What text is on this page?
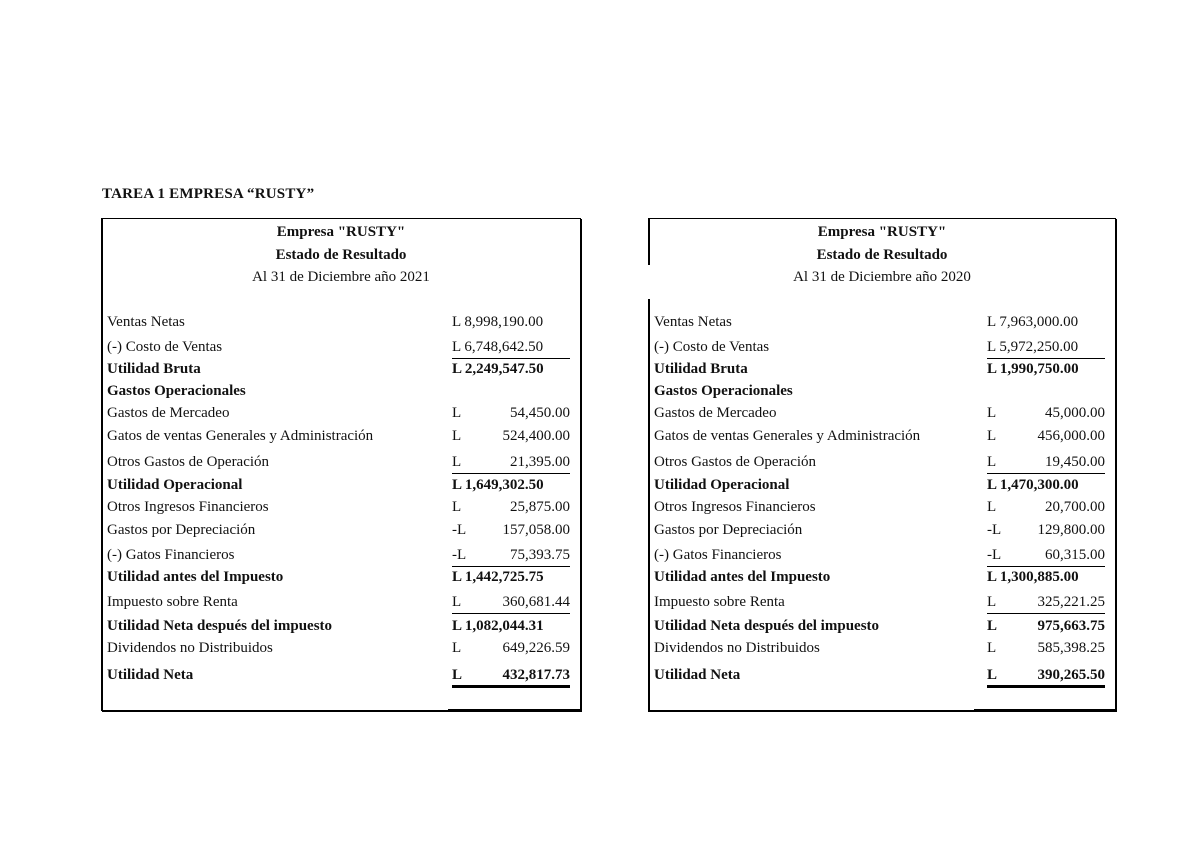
TAREA 1 EMPRESA “RUSTY”
Empresa "RUSTY"
Estado de Resultado
Al 31 de Diciembre año 2021
Ventas Netas	L 8,998,190.00
(-) Costo de Ventas	L 6,748,642.50
Utilidad Bruta	L 2,249,547.50
Gastos Operacionales
Gastos de Mercadeo	L	54,450.00
Gatos de ventas Generales y Administración	L	524,400.00
Otros Gastos de Operación	L	21,395.00
Utilidad Operacional	L 1,649,302.50
Otros Ingresos Financieros	L	25,875.00
Gastos por Depreciación	-L 157,058.00
(-) Gatos Financieros	-L	75,393.75
Utilidad antes del Impuesto	L 1,442,725.75
Impuesto sobre Renta	L	360,681.44
Utilidad Neta después del impuesto	L 1,082,044.31
Dividendos no Distribuidos	L	649,226.59
Utilidad Neta	L	432,817.73
Empresa "RUSTY"
Estado de Resultado
Al 31 de Diciembre año 2020
Ventas Netas	L 7,963,000.00
(-) Costo de Ventas	L 5,972,250.00
Utilidad Bruta	L 1,990,750.00
Gastos Operacionales
Gastos de Mercadeo	L	45,000.00
Gatos de ventas Generales y Administración	L	456,000.00
Otros Gastos de Operación	L	19,450.00
Utilidad Operacional	L 1,470,300.00
Otros Ingresos Financieros	L	20,700.00
Gastos por Depreciación	-L 129,800.00
(-) Gatos Financieros	-L	60,315.00
Utilidad antes del Impuesto	L 1,300,885.00
Impuesto sobre Renta	L	325,221.25
Utilidad Neta después del impuesto	L	975,663.75
Dividendos no Distribuidos	L	585,398.25
Utilidad Neta	L	390,265.50
